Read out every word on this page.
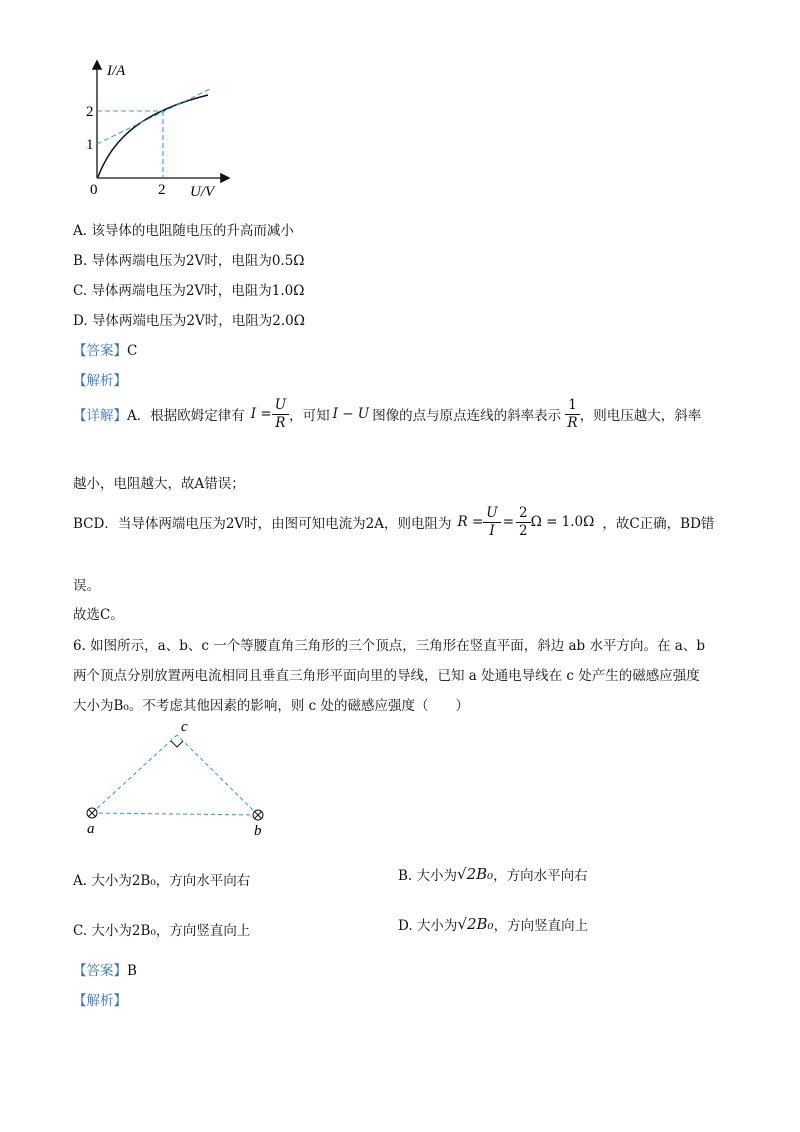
I/A
U/V
0
1
2
2
A. 该导体的电阻随电压的升高而减小
B. 导体两端电压为2V时，电阻为0.5Ω
C. 导体两端电压为2V时，电阻为1.0Ω
D. 导体两端电压为2V时，电阻为2.0Ω
【答案】C
【解析】
【详解】 A．根据欧姆定律有 $I = \frac{U}{R}$ ，可知 I − U 图像的点与原点连线的斜率表示 $\frac{1}{R}$ ，则电压越大，斜率
越小，电阻越大，故A错误；
BCD．当导体两端电压为2V时，由图可知电流为2A，则电阻为 $R = \frac{U}{I} = \frac{2}{2}$ Ω = 1.0Ω ，故C正确，BD错
误。
故选C。
6. 如图所示，a、b、c 一个等腰直角三角形的三个顶点，三角形在竖直平面，斜边 ab 水平方向。在 a、b
两个顶点分别放置两电流相同且垂直三角形平面向里的导线，已知 a 处通电导线在 c 处产生的磁感应强度
大小为B₀。不考虑其他因素的影响，则 c 处的磁感应强度（　　）
a	b
c
A. 大小为2B₀，方向水平向右	B. 大小为 √2B₀ ，方向水平向右
C. 大小为2B₀，方向竖直向上	D. 大小为 √2B₀ ，方向竖直向上
【答案】B
【解析】
